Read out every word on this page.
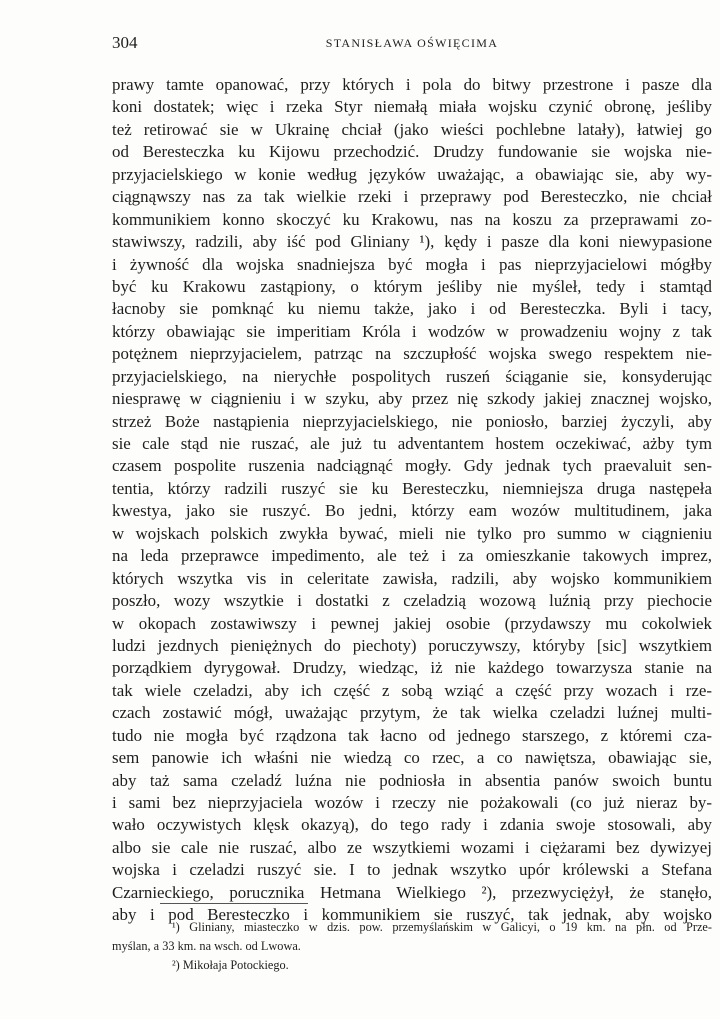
304	STANISŁAWA OŚWIĘCIMA
prawy tamte opanować, przy których i pola do bitwy przestrone i pasze dla
koni dostatek; więc i rzeka Styr niemałą miała wojsku czynić obronę, jeśliby
też retirować sie w Ukrainę chciał (jako wieści pochlebne latały), łatwiej go
od Beresteczka ku Kijowu przechodzić. Drudzy fundowanie sie wojska nie-
przyjacielskiego w konie według języków uważając, a obawiając sie, aby wy-
ciągnąwszy nas za tak wielkie rzeki i przeprawy pod Beresteczko, nie chciał
kommunikiem konno skoczyć ku Krakowu, nas na koszu za przeprawami zo-
stawiwszy, radzili, aby iść pod Gliniany ¹), kędy i pasze dla koni niewypasione
i żywność dla wojska snadniejsza być mogła i pas nieprzyjacielowi mógłby
być ku Krakowu zastąpiony, o którym jeśliby nie myślеł, tedy i stamtąd
łacnoby sie pomknąć ku niemu także, jako i od Beresteczka. Byli i tacy,
którzy obawiając sie imperitiam Króla i wodzów w prowadzeniu wojny z tak
potężnem nieprzyjacielem, patrząc na szczupłość wojska swego respektem nie-
przyjacielskiego, na nierychłe pospolitych ruszeń ściąganie sie, konsyderując
niesprawę w ciągnieniu i w szyku, aby przez nię szkody jakiej znacznej wojsko,
strzeż Boże nastąpienia nieprzyjacielskiego, nie poniosło, barziej życzyli, aby
sie cale stąd nie ruszać, ale już tu adventantem hostem oczekiwać, ażby tym
czasem pospolite ruszenia nadciągnąć mogły. Gdy jednak tych praevaluit sen-
tentia, którzy radzili ruszyć sie ku Beresteczku, niemniejsza druga następeła
kwestya, jako sie ruszyć. Bo jedni, którzy eam wozów multitudinem, jaka
w wojskach polskich zwykła bywać, mieli nie tylko pro summo w ciągnieniu
na leda przeprawce impedimento, ale też i za omieszkanie takowych imprez,
których wszytka vis in celeritate zawisła, radzili, aby wojsko kommunikiem
poszło, wozy wszytkie i dostatki z czeladzią wozową luźnią przy piechocie
w okopach zostawiwszy i pewnej jakiej osobie (przydawszy mu cokolwiek
ludzi jezdnych pieniężnych do piechoty) poruczywszy, któryby [sic] wszytkiem
porządkiem dyrygował. Drudzy, wiedząc, iż nie każdego towarzysza stanie na
tak wiele czeladzi, aby ich część z sobą wziąć a część przy wozach i rze-
czach zostawić mógł, uważając przytym, że tak wielka czeladzi luźnej multi-
tudo nie mogła być rządzona tak łacno od jednego starszego, z któremi cza-
sem panowie ich właśni nie wiedzą co rzec, a co nawiętsza, obawiając sie,
aby taż sama czeladź luźna nie podniosła in absentia panów swoich buntu
i sami bez nieprzyjaciela wozów i rzeczy nie pożakowali (co już nieraz by-
wało oczywistych klęsk okazyą), do tego rady i zdania swoje stosowali, aby
albo sie cale nie ruszać, albo ze wszytkiemi wozami i ciężarami bez dywizyej
wojska i czeladzi ruszyć sie. I to jednak wszytko upór królewski a Stefana
Czarnieckiego, porucznika Hetmana Wielkiego ²), przezwyciężył, że stanęło,
aby i pod Beresteczko i kommunikiem sie ruszyć, tak jednak, aby wojsko
¹) Gliniany, miasteczko w dzis. pow. przemyślańskim w Galicyi, o 19 km. na płn. od Prze-
myślan, a 33 km. na wsch. od Lwowa.
²) Mikołaja Potockiego.
